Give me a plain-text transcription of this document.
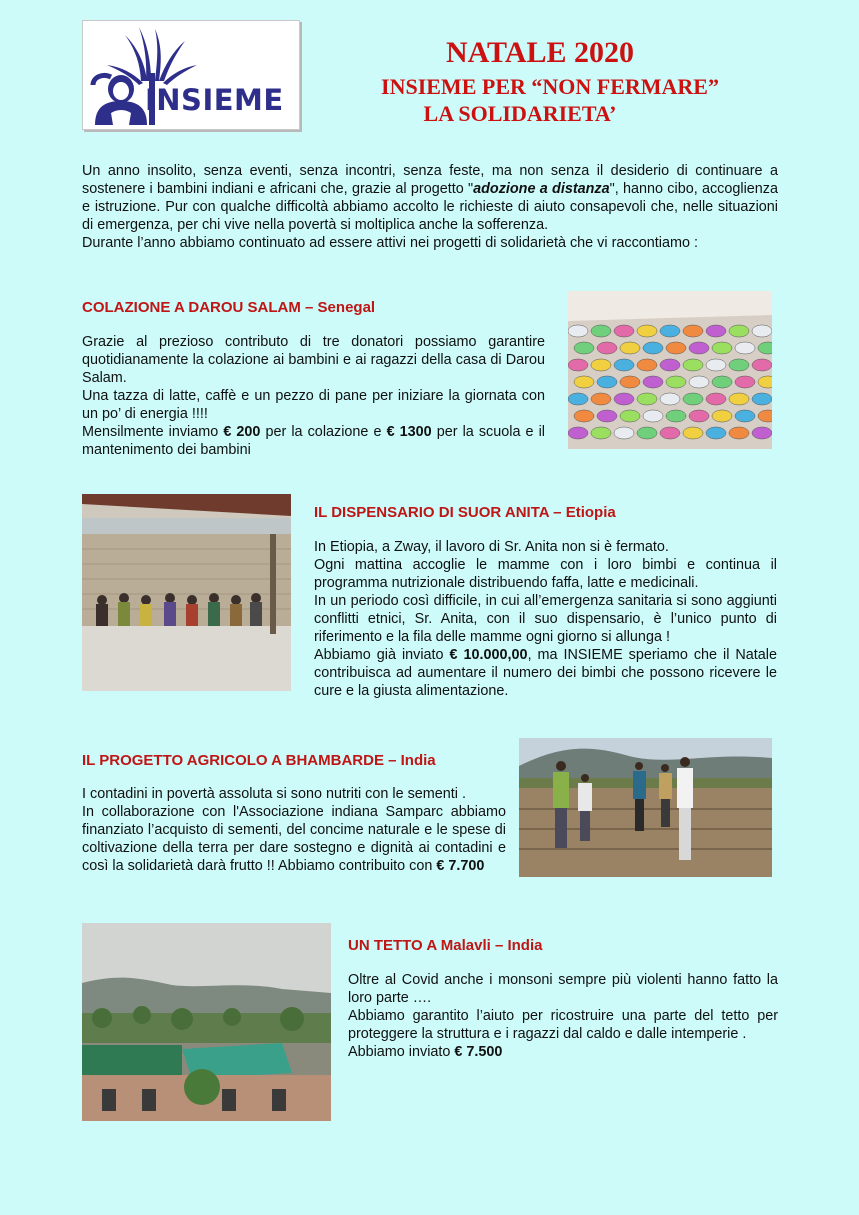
INSIEME
NATALE 2020
INSIEME PER “NON FERMARE”
LA SOLIDARIETA’

Un anno insolito, senza eventi, senza incontri, senza feste, ma non senza il desiderio di continuare a sostenere i bambini indiani e africani che, grazie al progetto "adozione a distanza", hanno cibo, accoglienza e istruzione. Pur con qualche difficoltà abbiamo accolto le richieste di aiuto consapevoli che, nelle situazioni di emergenza, per chi vive nella povertà si moltiplica anche la sofferenza.

Durante l’anno abbiamo continuato ad essere attivi nei progetti di solidarietà che vi raccontiamo :

COLAZIONE A DAROU SALAM – Senegal

Grazie al prezioso contributo di tre donatori possiamo garantire quotidianamente la colazione ai bambini e ai ragazzi della casa di Darou Salam.

Una tazza di latte, caffè e un pezzo di pane per iniziare la giornata con un po’ di energia !!!!

Mensilmente inviamo € 200 per la colazione e € 1300 per la scuola e il mantenimento dei bambini

IL DISPENSARIO DI SUOR ANITA – Etiopia

In Etiopia, a Zway, il lavoro di Sr. Anita non si è fermato.

Ogni mattina accoglie le mamme con i loro bimbi e continua il programma nutrizionale distribuendo faffa, latte e medicinali.

In un periodo così difficile, in cui all’emergenza sanitaria si sono aggiunti conflitti etnici, Sr. Anita, con il suo dispensario, è l’unico punto di riferimento e la fila delle mamme ogni giorno si allunga !

Abbiamo già inviato € 10.000,00, ma INSIEME speriamo che il Natale contribuisca ad aumentare il numero dei bimbi che possono ricevere le cure e la giusta alimentazione.

IL PROGETTO AGRICOLO A BHAMBARDE – India

I contadini in povertà assoluta si sono nutriti con le sementi .

In collaborazione con l'Associazione indiana Samparc abbiamo finanziato l’acquisto di sementi, del concime naturale e le spese di coltivazione della terra per dare sostegno e dignità ai contadini e così la solidarietà darà frutto !! Abbiamo contribuito con € 7.700

UN TETTO A Malavli – India

Oltre al Covid anche i monsoni sempre più violenti hanno fatto la loro parte ….

Abbiamo garantito l’aiuto per ricostruire una parte del tetto per proteggere la struttura e i ragazzi dal caldo e dalle intemperie .

Abbiamo inviato € 7.500
